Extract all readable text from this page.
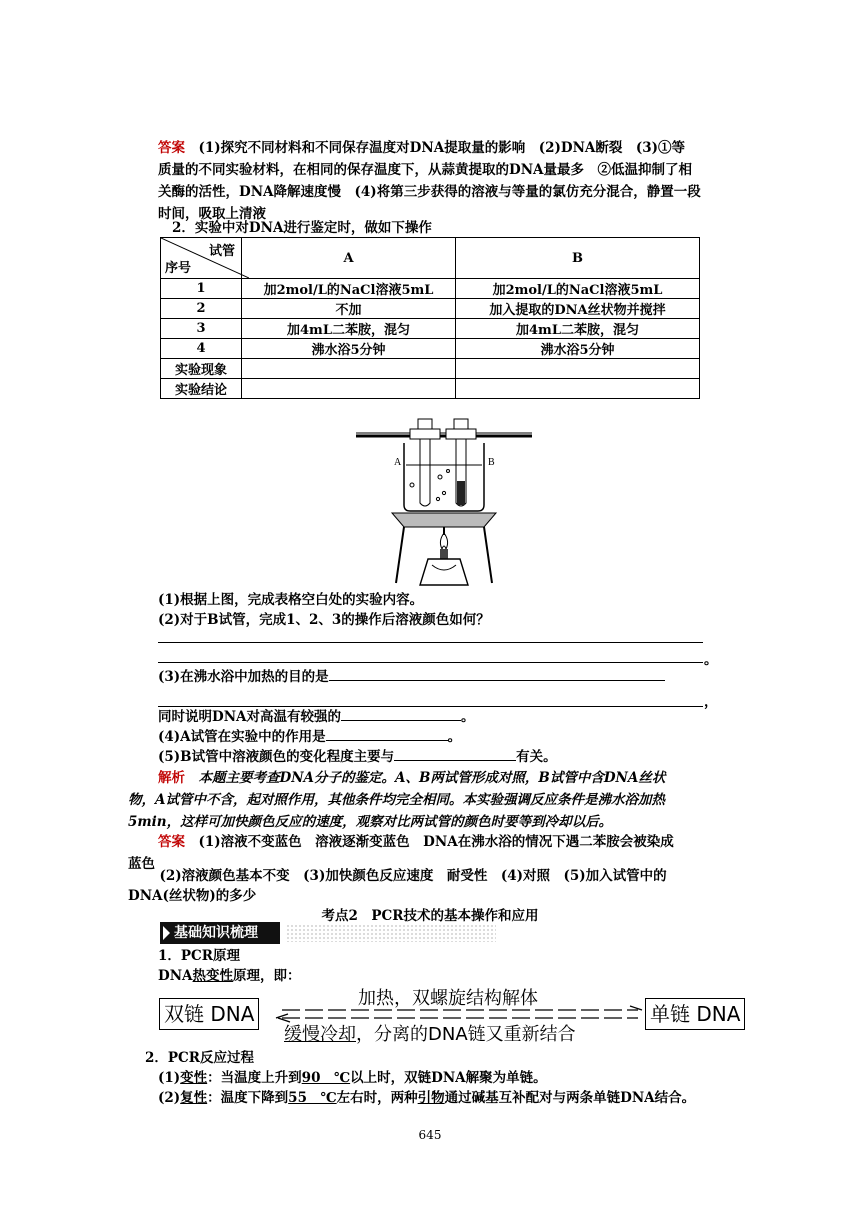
答案　(1)探究不同材料和不同保存温度对DNA提取量的影响　(2)DNA断裂　(3)①等
质量的不同实验材料，在相同的保存温度下，从蒜黄提取的DNA量最多　②低温抑制了相
关酶的活性，DNA降解速度慢　(4)将第三步获得的溶液与等量的氯仿充分混合，静置一段
时间，吸取上清液
2．实验中对DNA进行鉴定时，做如下操作
试管
序号	A	B
1	加2mol/L的NaCl溶液5mL	加2mol/L的NaCl溶液5mL
2	不加	加入提取的DNA丝状物并搅拌
3	加4mL二苯胺，混匀	加4mL二苯胺，混匀
4	沸水浴5分钟	沸水浴5分钟
实验现象		
实验结论		
A	B
(1)根据上图，完成表格空白处的实验内容。
(2)对于B试管，完成1、2、3的操作后溶液颜色如何？
。
(3)在沸水浴中加热的目的是
，
同时说明DNA对高温有较强的	。
(4)A试管在实验中的作用是	。
(5)B试管中溶液颜色的变化程度主要与	有关。
解析　本题主要考查DNA分子的鉴定。A、B两试管形成对照，B试管中含DNA丝状
物，A试管中不含，起对照作用，其他条件均完全相同。本实验强调反应条件是沸水浴加热
5min，这样可加快颜色反应的速度，观察对比两试管的颜色时要等到冷却以后。
答案　(1)溶液不变蓝色　溶液逐渐变蓝色　DNA在沸水浴的情况下遇二苯胺会被染成
蓝色
　(2)溶液颜色基本不变　(3)加快颜色反应速度　耐受性　(4)对照　(5)加入试管中的
DNA(丝状物)的多少
考点2　PCR技术的基本操作和应用
基础知识梳理
1．PCR原理
DNA热变性原理，即：
双链 DNA	单链 DNA
加热，双螺旋结构解体
缓慢冷却，分离的DNA链又重新结合
2．PCR反应过程
(1)变性：当温度上升到90　℃以上时，双链DNA解聚为单链。
(2)复性：温度下降到55　℃左右时，两种引物通过碱基互补配对与两条单链DNA结合。
645
